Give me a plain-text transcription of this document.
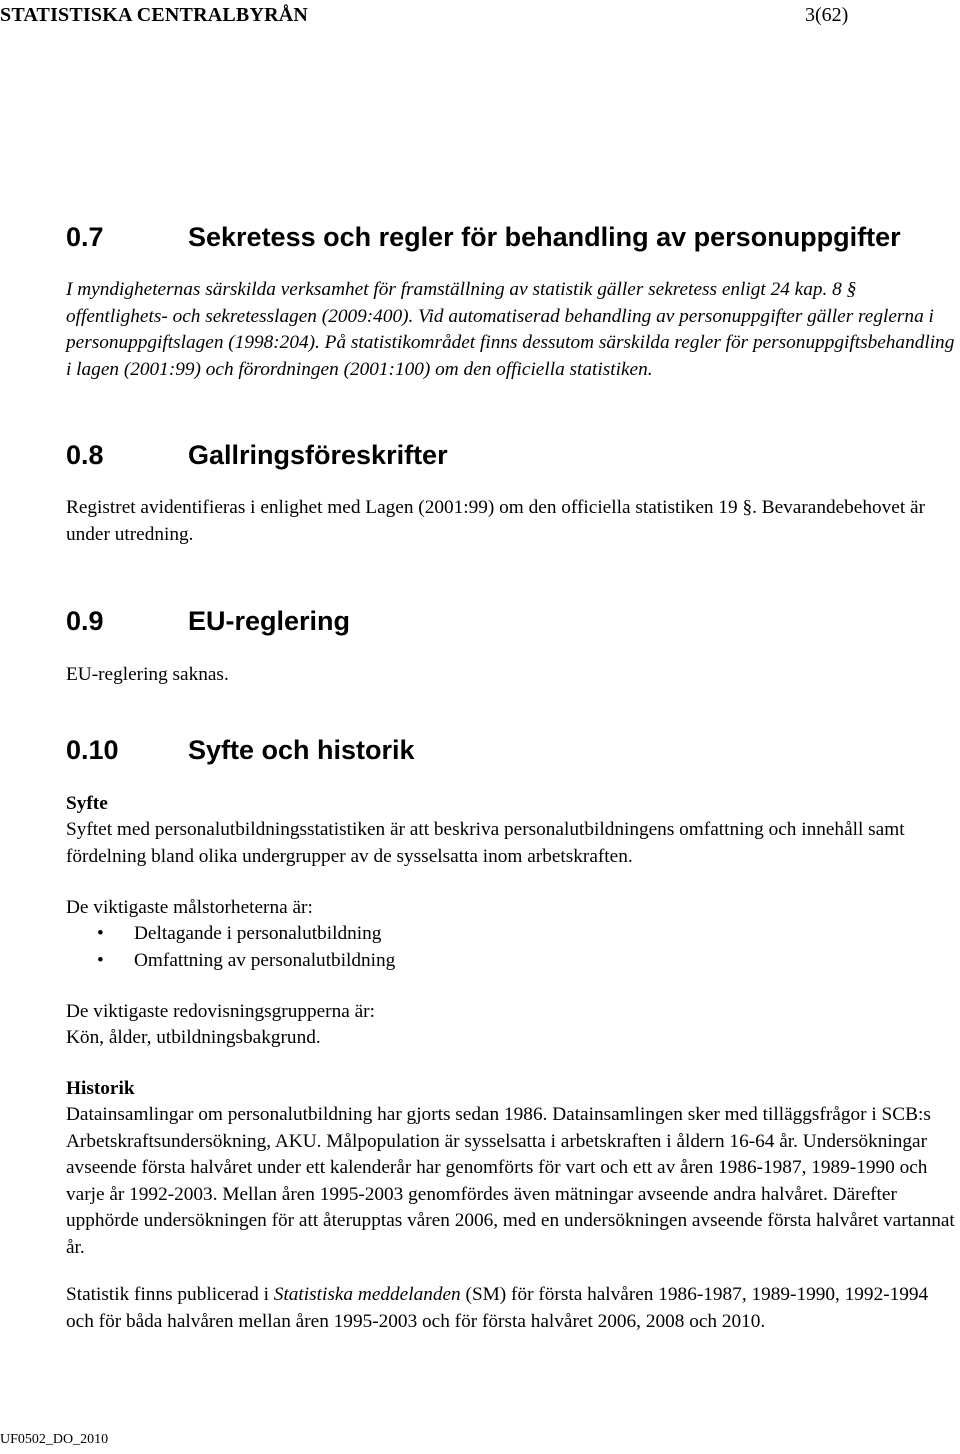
STATISTISKA CENTRALBYRÅN	3(62)
0.7	Sekretess och regler för behandling av personuppgifter

I myndigheternas särskilda verksamhet för framställning av statistik gäller sekretess enligt 24 kap. 8 § offentlighets- och sekretesslagen (2009:400). Vid automatiserad behandling av personuppgifter gäller reglerna i personuppgiftslagen (1998:204). På statistikområdet finns dessutom särskilda regler för personuppgiftsbehandling i lagen (2001:99) och förordningen (2001:100) om den officiella statistiken.

0.8	Gallringsföreskrifter

Registret avidentifieras i enlighet med Lagen (2001:99) om den officiella statistiken 19 §. Bevarandebehovet är under utredning.

0.9	EU-reglering

EU-reglering saknas.

0.10	Syfte och historik

Syfte

Syftet med personalutbildningsstatistiken är att beskriva personalutbildningens omfattning och innehåll samt fördelning bland olika undergrupper av de sysselsatta inom arbetskraften.

De viktigaste målstorheterna är:

• Deltagande i personalutbildning
• Omfattning av personalutbildning

De viktigaste redovisningsgrupperna är:

Kön, ålder, utbildningsbakgrund.

Historik

Datainsamlingar om personalutbildning har gjorts sedan 1986. Datainsamlingen sker med tilläggsfrågor i SCB:s Arbetskraftsundersökning, AKU. Målpopulation är sysselsatta i arbetskraften i åldern 16-64 år. Undersökningar avseende första halvåret under ett kalenderår har genomförts för vart och ett av åren 1986-1987, 1989-1990 och varje år 1992-2003. Mellan åren 1995-2003 genomfördes även mätningar avseende andra halvåret. Därefter upphörde undersökningen för att återupptas våren 2006, med en undersökningen avseende första halvåret vartannat år.

Statistik finns publicerad i Statistiska meddelanden (SM) för första halvåren 1986-1987, 1989-1990, 1992-1994 och för båda halvåren mellan åren 1995-2003 och för första halvåret 2006, 2008 och 2010.

UF0502_DO_2010
